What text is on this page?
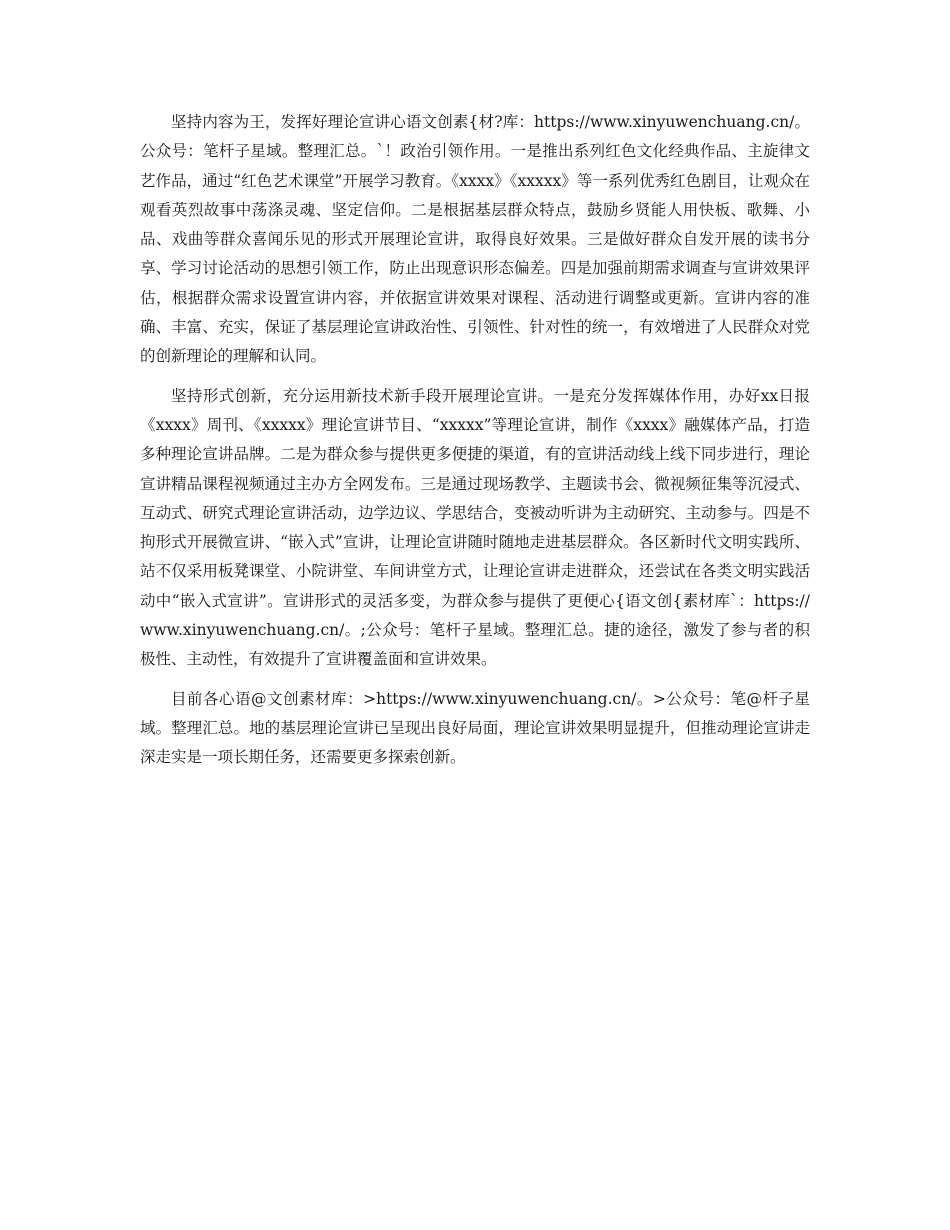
坚持内容为王，发挥好理论宣讲心语文创素{材?库：https://www.xinyuwenchuang.cn/。公众号：笔杆子星域。整理汇总。`！政治引领作用。一是推出系列红色文化经典作品、主旋律文艺作品，通过“红色艺术课堂”开展学习教育。《xxxx》《xxxxx》等一系列优秀红色剧目，让观众在观看英烈故事中荡涤灵魂、坚定信仰。二是根据基层群众特点，鼓励乡贤能人用快板、歌舞、小品、戏曲等群众喜闻乐见的形式开展理论宣讲，取得良好效果。三是做好群众自发开展的读书分享、学习讨论活动的思想引领工作，防止出现意识形态偏差。四是加强前期需求调查与宣讲效果评估，根据群众需求设置宣讲内容，并依据宣讲效果对课程、活动进行调整或更新。宣讲内容的准确、丰富、充实，保证了基层理论宣讲政治性、引领性、针对性的统一，有效增进了人民群众对党的创新理论的理解和认同。

坚持形式创新，充分运用新技术新手段开展理论宣讲。一是充分发挥媒体作用，办好xx日报《xxxx》周刊、《xxxxx》理论宣讲节目、“xxxxx”等理论宣讲，制作《xxxx》融媒体产品，打造多种理论宣讲品牌。二是为群众参与提供更多便捷的渠道，有的宣讲活动线上线下同步进行，理论宣讲精品课程视频通过主办方全网发布。三是通过现场教学、主题读书会、微视频征集等沉浸式、互动式、研究式理论宣讲活动，边学边议、学思结合，变被动听讲为主动研究、主动参与。四是不拘形式开展微宣讲、“嵌入式”宣讲，让理论宣讲随时随地走进基层群众。各区新时代文明实践所、站不仅采用板凳课堂、小院讲堂、车间讲堂方式，让理论宣讲走进群众，还尝试在各类文明实践活动中“嵌入式宣讲”。宣讲形式的灵活多变，为群众参与提供了更便心{语文创{素材库`：https://www.xinyuwenchuang.cn/。;公众号：笔杆子星域。整理汇总。捷的途径，激发了参与者的积极性、主动性，有效提升了宣讲覆盖面和宣讲效果。

目前各心语@文创素材库：>https://www.xinyuwenchuang.cn/。>公众号：笔@杆子星域。整理汇总。地的基层理论宣讲已呈现出良好局面，理论宣讲效果明显提升，但推动理论宣讲走深走实是一项长期任务，还需要更多探索创新。
